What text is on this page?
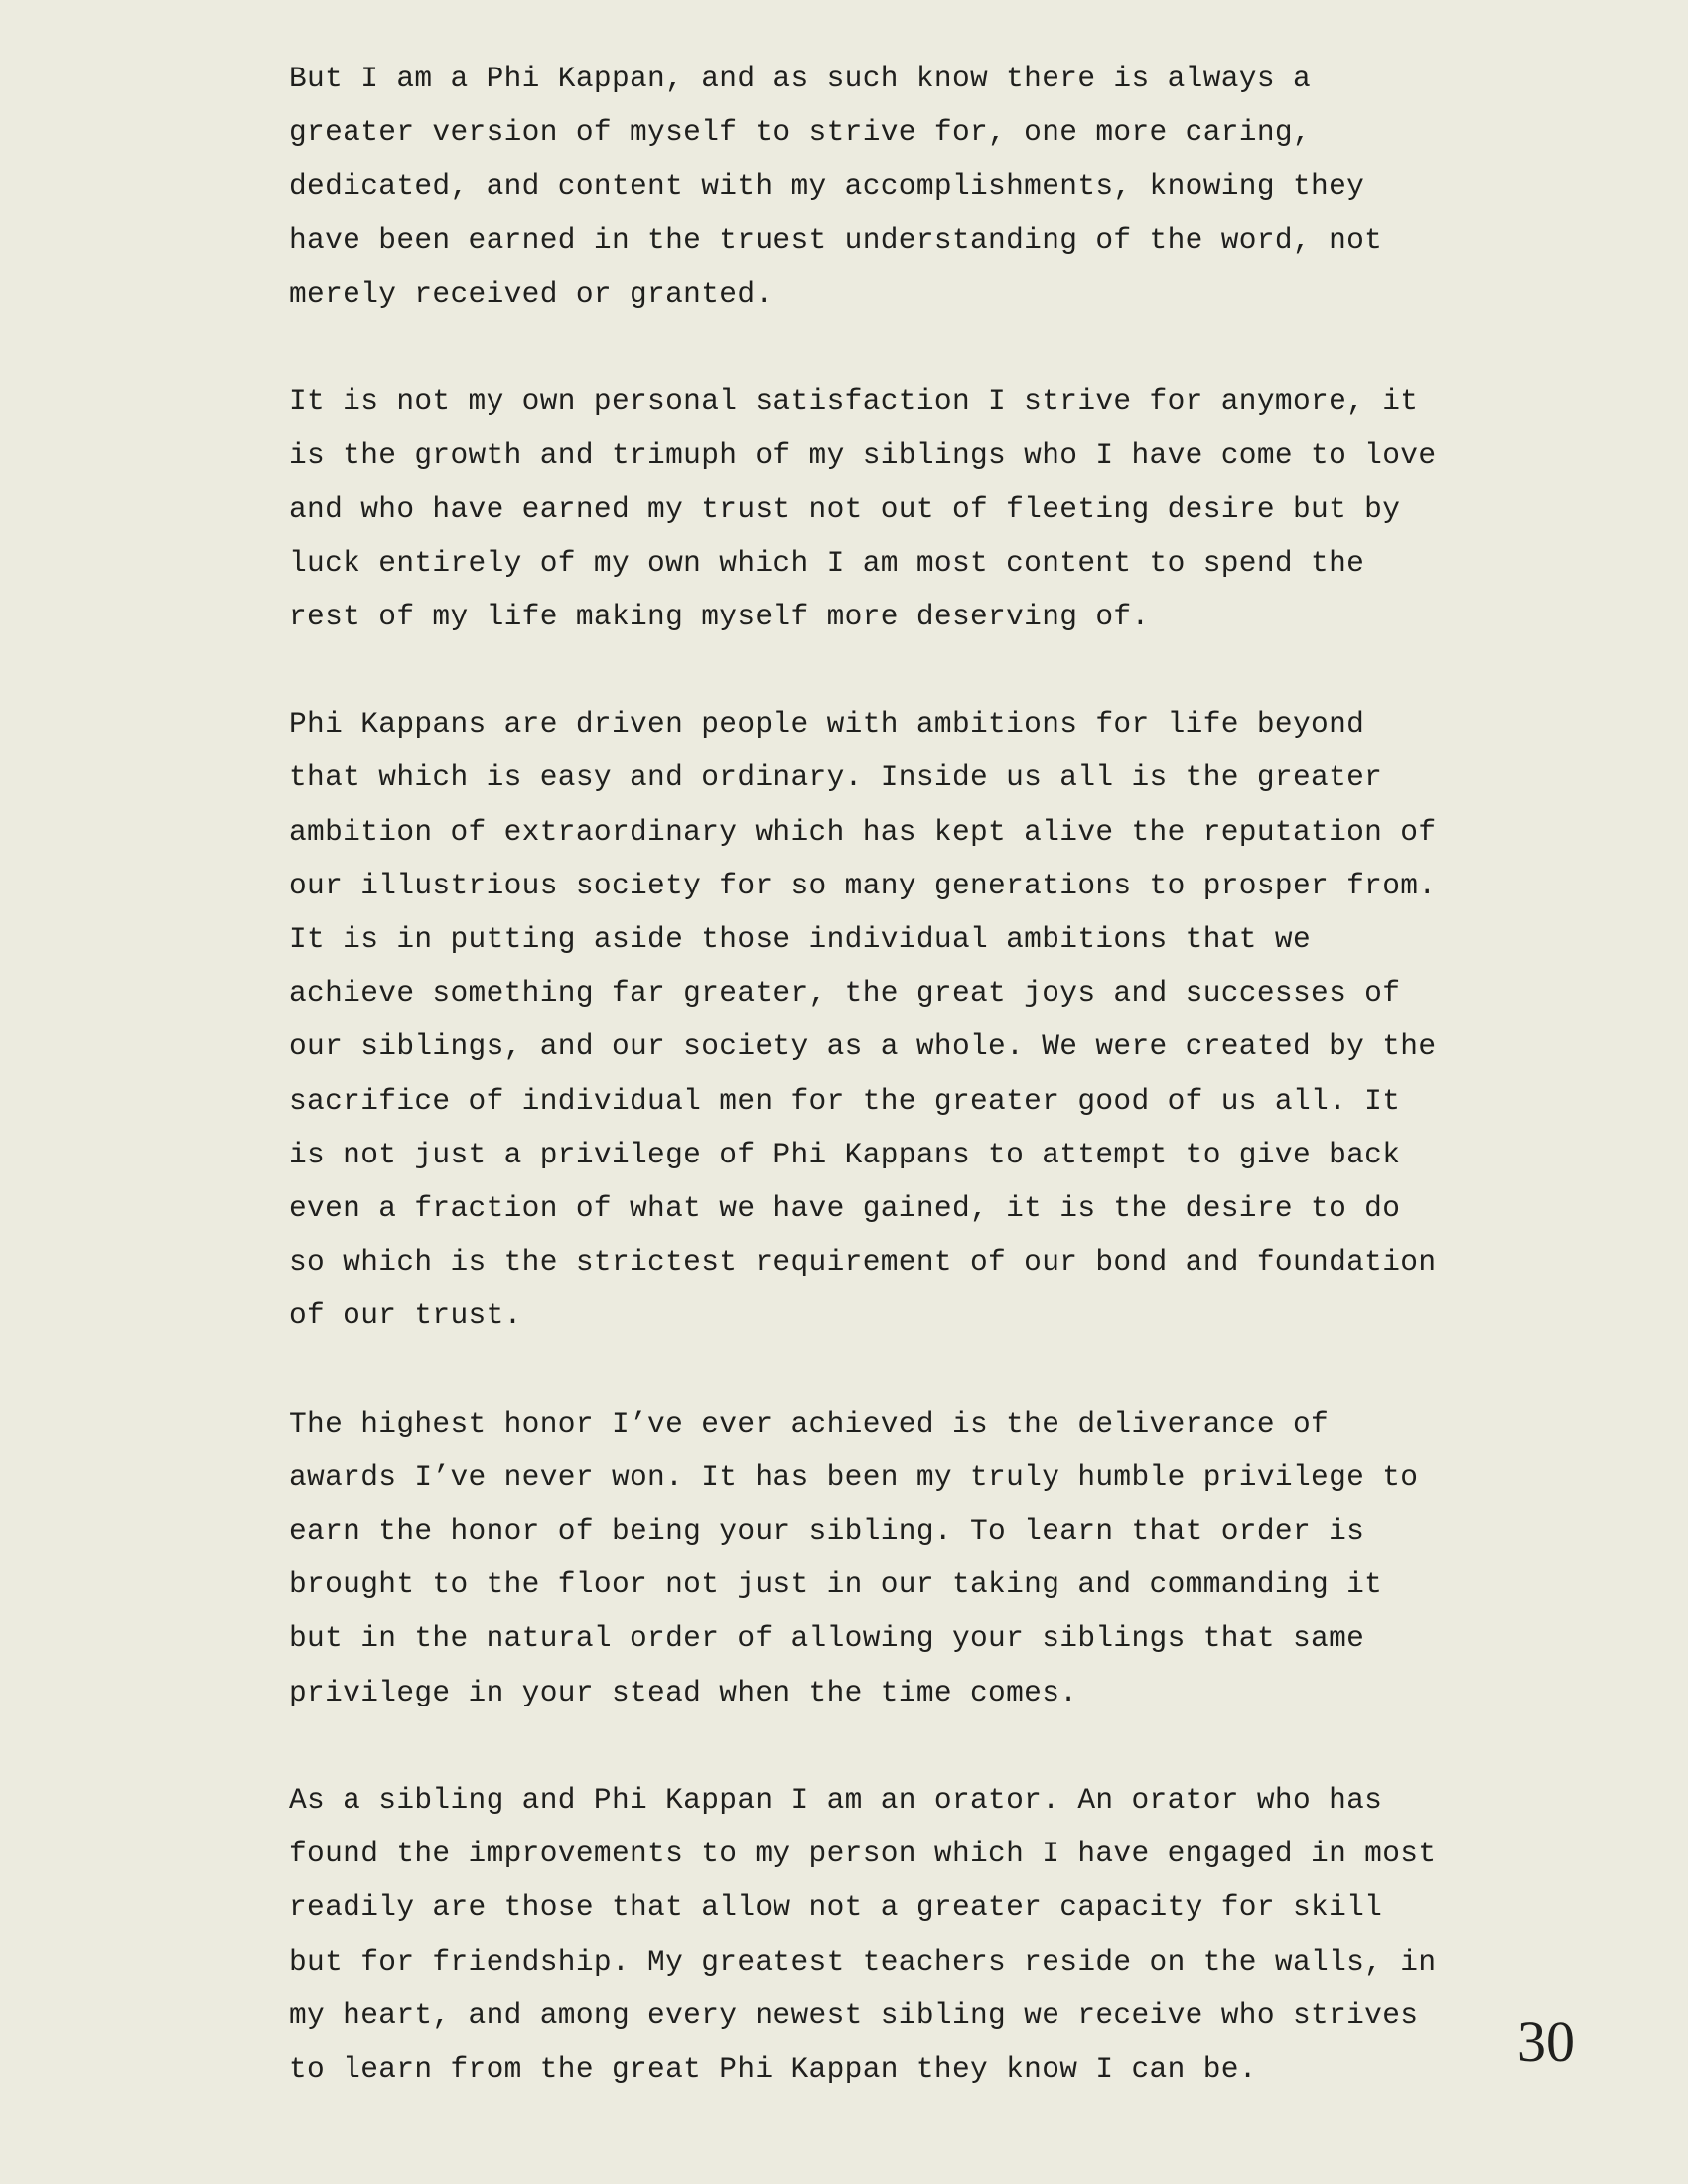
But I am a Phi Kappan, and as such know there is always a
greater version of myself to strive for, one more caring,
dedicated, and content with my accomplishments, knowing they
have been earned in the truest understanding of the word, not
merely received or granted.
It is not my own personal satisfaction I strive for anymore, it
is the growth and trimuph of my siblings who I have come to love
and who have earned my trust not out of fleeting desire but by
luck entirely of my own which I am most content to spend the
rest of my life making myself more deserving of.
Phi Kappans are driven people with ambitions for life beyond
that which is easy and ordinary. Inside us all is the greater
ambition of extraordinary which has kept alive the reputation of
our illustrious society for so many generations to prosper from.
It is in putting aside those individual ambitions that we
achieve something far greater, the great joys and successes of
our siblings, and our society as a whole. We were created by the
sacrifice of individual men for the greater good of us all. It
is not just a privilege of Phi Kappans to attempt to give back
even a fraction of what we have gained, it is the desire to do
so which is the strictest requirement of our bond and foundation
of our trust.
The highest honor I’ve ever achieved is the deliverance of
awards I’ve never won. It has been my truly humble privilege to
earn the honor of being your sibling. To learn that order is
brought to the floor not just in our taking and commanding it
but in the natural order of allowing your siblings that same
privilege in your stead when the time comes.
As a sibling and Phi Kappan I am an orator. An orator who has
found the improvements to my person which I have engaged in most
readily are those that allow not a greater capacity for skill
but for friendship. My greatest teachers reside on the walls, in
my heart, and among every newest sibling we receive who strives
to learn from the great Phi Kappan they know I can be.	30
